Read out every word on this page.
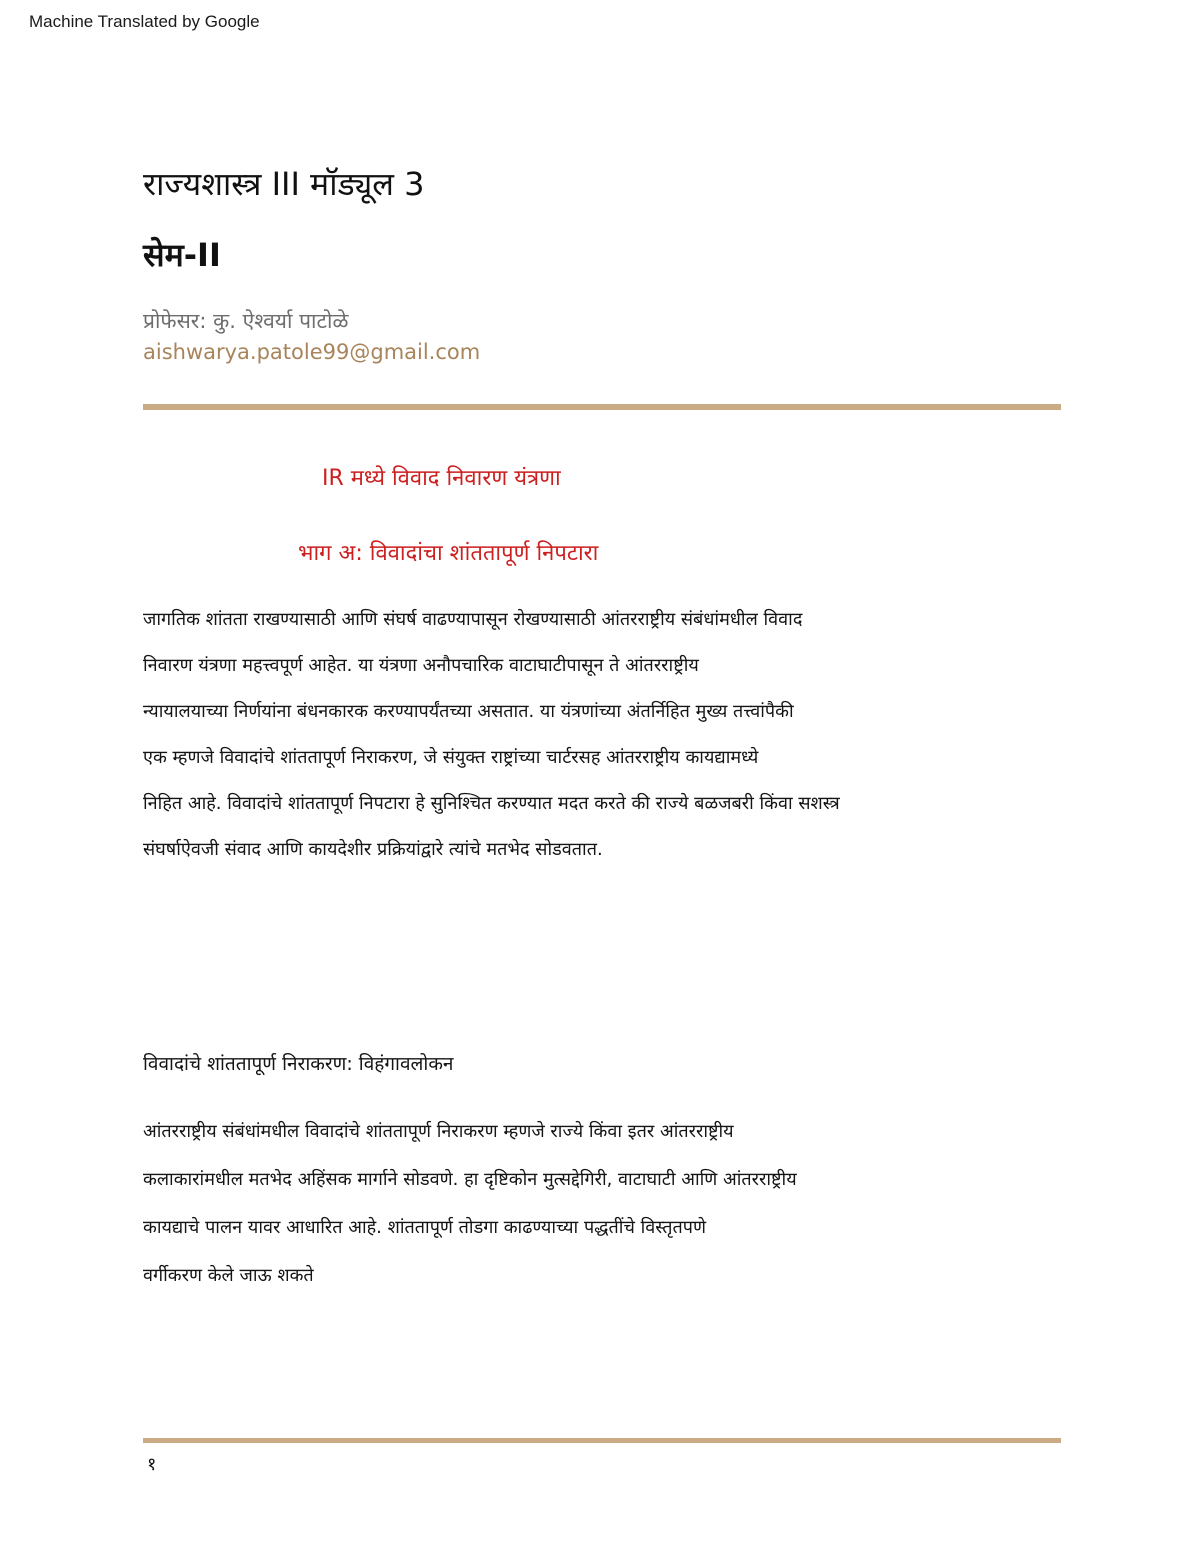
Machine Translated by Google
राज्यशास्त्र III मॉड्यूल 3
सेम-II
प्रोफेसर: कु. ऐश्वर्या पाटोळे
aishwarya.patole99@gmail.com
IR मध्ये विवाद निवारण यंत्रणा
भाग अ: विवादांचा शांततापूर्ण निपटारा

जागतिक शांतता राखण्यासाठी आणि संघर्ष वाढण्यापासून रोखण्यासाठी आंतरराष्ट्रीय संबंधांमधील विवाद
निवारण यंत्रणा महत्त्वपूर्ण आहेत. या यंत्रणा अनौपचारिक वाटाघाटीपासून ते आंतरराष्ट्रीय
न्यायालयाच्या निर्णयांना बंधनकारक करण्यापर्यंतच्या असतात. या यंत्रणांच्या अंतर्निहित मुख्य तत्त्वांपैकी
एक म्हणजे विवादांचे शांततापूर्ण निराकरण, जे संयुक्त राष्ट्रांच्या चार्टरसह आंतरराष्ट्रीय कायद्यामध्ये
निहित आहे. विवादांचे शांततापूर्ण निपटारा हे सुनिश्चित करण्यात मदत करते की राज्ये बळजबरी किंवा सशस्त्र
संघर्षाऐवजी संवाद आणि कायदेशीर प्रक्रियांद्वारे त्यांचे मतभेद सोडवतात.

विवादांचे शांततापूर्ण निराकरण: विहंगावलोकन

आंतरराष्ट्रीय संबंधांमधील विवादांचे शांततापूर्ण निराकरण म्हणजे राज्ये किंवा इतर आंतरराष्ट्रीय
कलाकारांमधील मतभेद अहिंसक मार्गाने सोडवणे. हा दृष्टिकोन मुत्सद्देगिरी, वाटाघाटी आणि आंतरराष्ट्रीय
कायद्याचे पालन यावर आधारित आहे. शांततापूर्ण तोडगा काढण्याच्या पद्धतींचे विस्तृतपणे
वर्गीकरण केले जाऊ शकते

१
